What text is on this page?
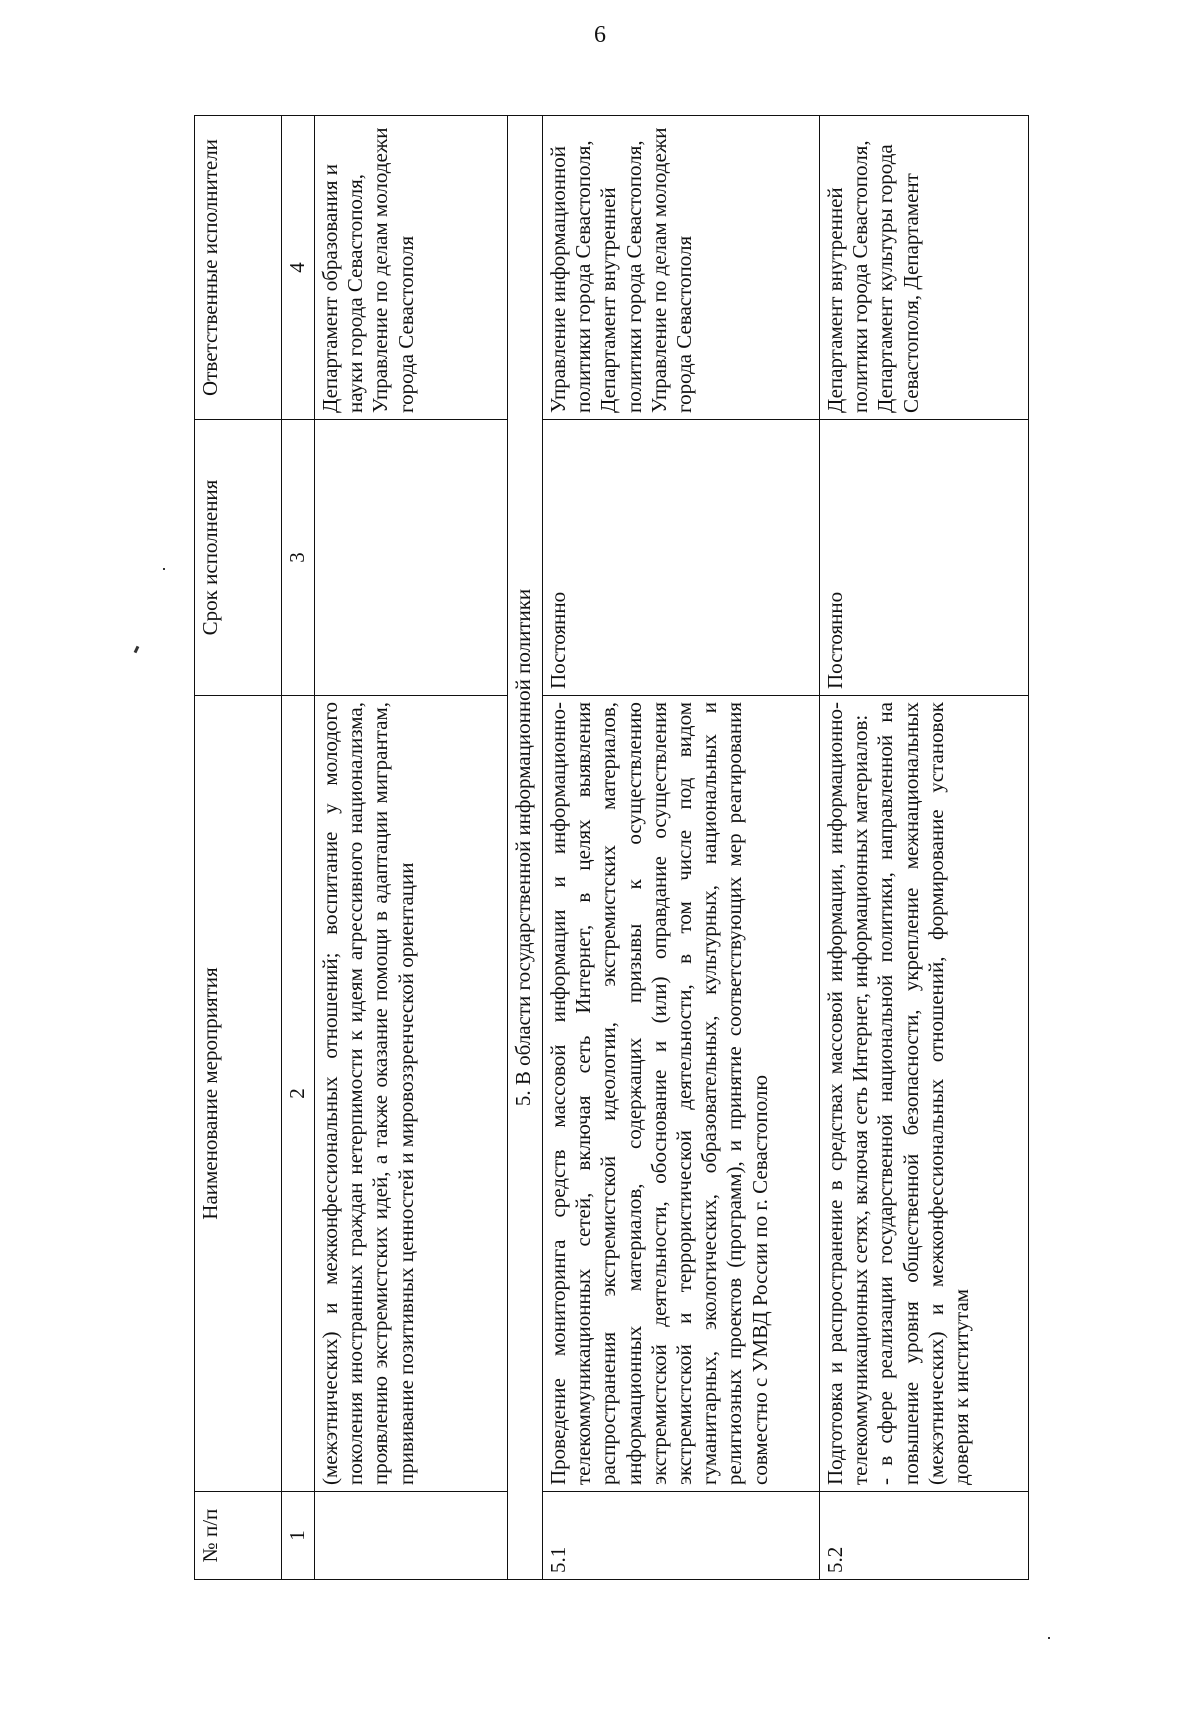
6
№ п/п	Наименование мероприятия	Срок исполнения	Ответственные исполнители
1	2	3	4
	(межэтнических) и межконфессиональных отношений; воспитание у молодого поколения иностранных граждан нетерпимости к идеям агрессивного национализма, проявлению экстремистских идей, а также оказание помощи в адаптации мигрантам, прививание позитивных ценностей и мировоззренческой ориентации		Департамент образования и науки города Севастополя, Управление по делам молодежи города Севастополя
5. В области государственной информационной политики			
5.1	Проведение мониторинга средств массовой информации и информационно-телекоммуникационных сетей, включая сеть Интернет, в целях выявления распространения экстремистской идеологии, экстремистских материалов, информационных материалов, содержащих призывы к осуществлению экстремистской деятельности, обоснование и (или) оправдание осуществления экстремистской и террористической деятельности, в том числе под видом гуманитарных, экологических, образовательных, культурных, национальных и религиозных проектов (программ), и принятие соответствующих мер реагирования совместно с УМВД России по г. Севастополю	Постоянно	Управление информационной политики города Севастополя, Департамент внутренней политики города Севастополя, Управление по делам молодежи города Севастополя
5.2	Подготовка и распространение в средствах массовой информации, информационно-телекоммуникационных сетях, включая сеть Интернет, информационных материалов: - в сфере реализации государственной национальной политики, направленной на повышение уровня общественной безопасности, укрепление межнациональных (межэтнических) и межконфессиональных отношений, формирование установок доверия к институтам	Постоянно	Департамент внутренней политики города Севастополя, Департамент культуры города Севастополя, Департамент
